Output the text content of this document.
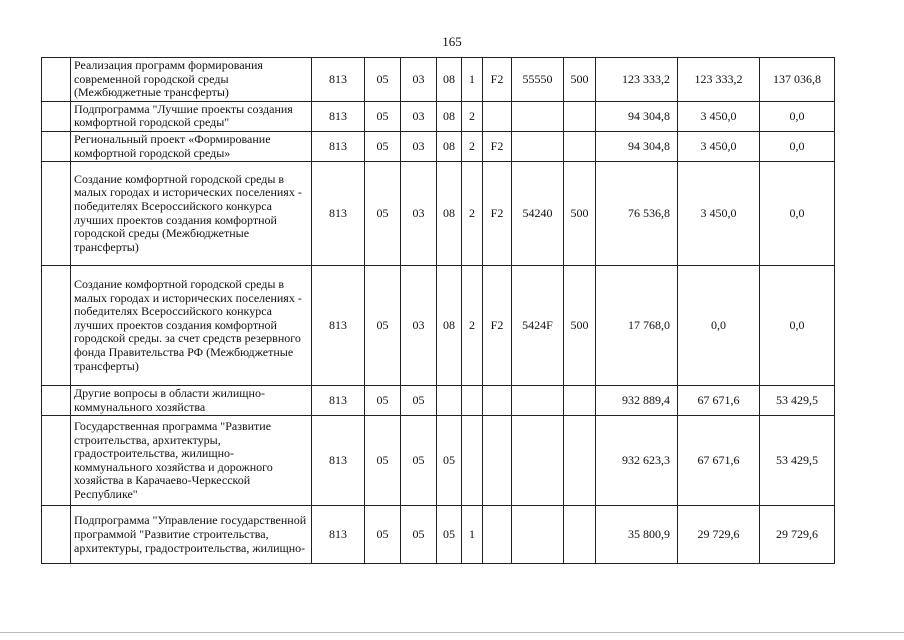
165
	Реализация программ формирования современной городской среды (Межбюджетные трансферты)	813	05	03	08	1	F2	55550	500	123 333,2	123 333,2	137 036,8
	Подпрограмма "Лучшие проекты создания комфортной городской среды"	813	05	03	08	2				94 304,8	3 450,0	0,0
	Региональный проект «Формирование комфортной городской среды»	813	05	03	08	2	F2			94 304,8	3 450,0	0,0
	Создание комфортной городской среды в малых городах и исторических поселениях - победителях Всероссийского конкурса лучших проектов создания комфортной городской среды (Межбюджетные трансферты)	813	05	03	08	2	F2	54240	500	76 536,8	3 450,0	0,0
	Создание комфортной городской среды в малых городах и исторических поселениях - победителях Всероссийского конкурса лучших проектов создания комфортной городской среды. за счет средств резервного фонда Правительства РФ (Межбюджетные трансферты)	813	05	03	08	2	F2	5424F	500	17 768,0	0,0	0,0
	Другие вопросы в области жилищно-коммунального хозяйства	813	05	05						932 889,4	67 671,6	53 429,5
	Государственная программа "Развитие строительства, архитектуры, градостроительства, жилищно-коммунального хозяйства и дорожного хозяйства в Карачаево-Черкесской Республике"	813	05	05	05					932 623,3	67 671,6	53 429,5
	Подпрограмма "Управление государственной программой "Развитие строительства, архитектуры, градостроительства, жилищно-	813	05	05	05	1				35 800,9	29 729,6	29 729,6
